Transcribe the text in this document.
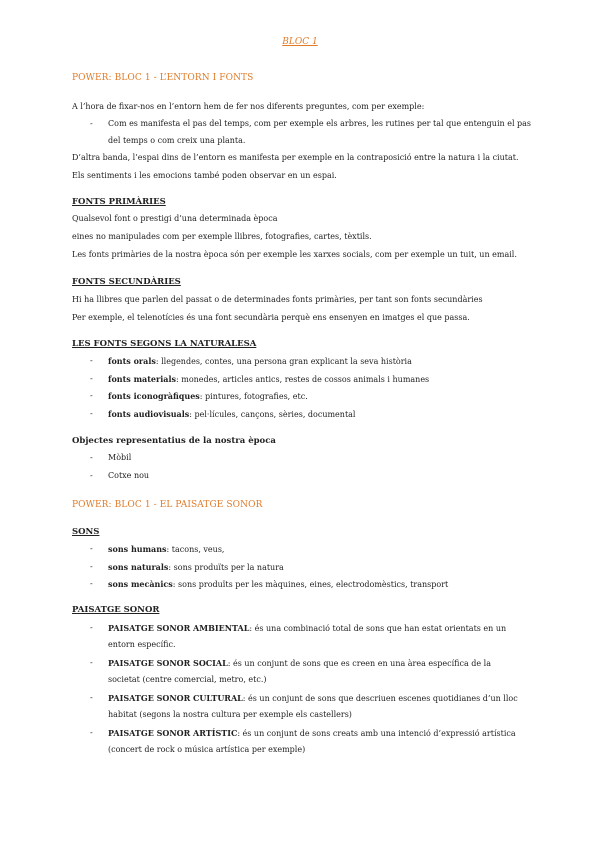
BLOC 1
POWER: BLOC 1 - L’ENTORN I FONTS
A l’hora de fixar-nos en l’entorn hem de fer nos diferents preguntes, com per exemple:
- Com es manifesta el pas del temps, com per exemple els arbres, les rutines per tal que entenguin el pas
del temps o com creix una planta.
D’altra banda, l’espai dins de l’entorn es manifesta per exemple en la contraposició entre la natura i la ciutat.
Els sentiments i les emocions també poden observar en un espai.
FONTS PRIMÀRIES
Qualsevol font o prestigi d’una determinada època
eines no manipulades com per exemple llibres, fotografies, cartes, tèxtils.
Les fonts primàries de la nostra època són per exemple les xarxes socials, com per exemple un tuit, un email.
FONTS SECUNDÀRIES
Hi ha llibres que parlen del passat o de determinades fonts primàries, per tant son fonts secundàries
Per exemple, el telenotícies és una font secundària perquè ens ensenyen en imatges el que passa.
LES FONTS SEGONS LA NATURALESA
- fonts orals: llegendes, contes, una persona gran explicant la seva història
- fonts materials: monedes, articles antics, restes de cossos animals i humanes
- fonts iconogràfiques: pintures, fotografies, etc.
- fonts audiovisuals: pel·lícules, cançons, sèries, documental
Objectes representatius de la nostra època
- Mòbil
- Cotxe nou
POWER: BLOC 1 - EL PAISATGE SONOR
SONS
- sons humans: tacons, veus,
- sons naturals: sons produïts per la natura
- sons mecànics: sons produïts per les màquines, eines, electrodomèstics, transport
PAISATGE SONOR
- PAISATGE SONOR AMBIENTAL: és una combinació total de sons que han estat orientats en un
entorn específic.
- PAISATGE SONOR SOCIAL: és un conjunt de sons que es creen en una àrea específica de la
societat (centre comercial, metro, etc.)
- PAISATGE SONOR CULTURAL: és un conjunt de sons que descriuen escenes quotidianes d’un lloc
habitat (segons la nostra cultura per exemple els castellers)
- PAISATGE SONOR ARTÍSTIC: és un conjunt de sons creats amb una intenció d’expressió artística
(concert de rock o música artística per exemple)
